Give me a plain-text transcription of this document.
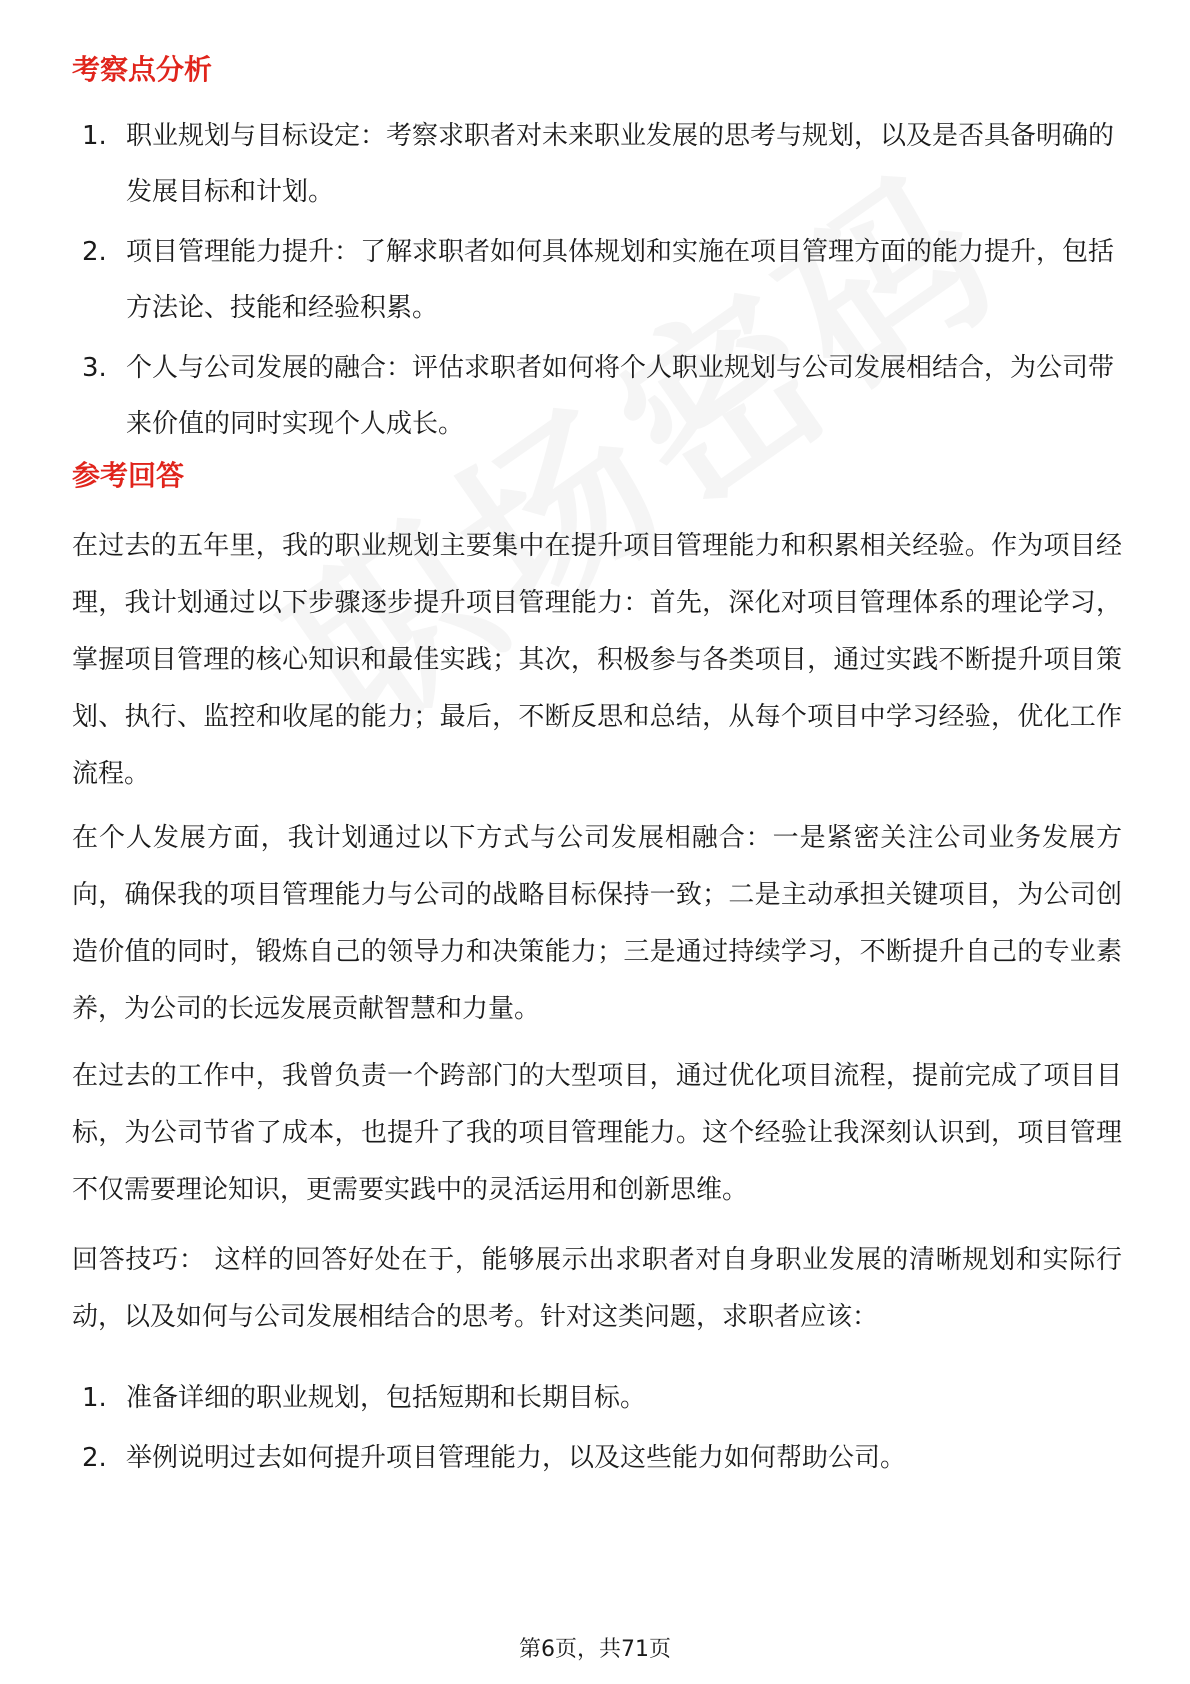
考察点分析
1. 职业规划与目标设定：考察求职者对未来职业发展的思考与规划，以及是否具备明确的发展目标和计划。
2. 项目管理能力提升：了解求职者如何具体规划和实施在项目管理方面的能力提升，包括方法论、技能和经验积累。
3. 个人与公司发展的融合：评估求职者如何将个人职业规划与公司发展相结合，为公司带来价值的同时实现个人成长。
参考回答

在过去的五年里，我的职业规划主要集中在提升项目管理能力和积累相关经验。作为项目经理，我计划通过以下步骤逐步提升项目管理能力：首先，深化对项目管理体系的理论学习，掌握项目管理的核心知识和最佳实践；其次，积极参与各类项目，通过实践不断提升项目策划、执行、监控和收尾的能力；最后，不断反思和总结，从每个项目中学习经验，优化工作流程。

在个人发展方面，我计划通过以下方式与公司发展相融合：一是紧密关注公司业务发展方向，确保我的项目管理能力与公司的战略目标保持一致；二是主动承担关键项目，为公司创造价值的同时，锻炼自己的领导力和决策能力；三是通过持续学习，不断提升自己的专业素养，为公司的长远发展贡献智慧和力量。

在过去的工作中，我曾负责一个跨部门的大型项目，通过优化项目流程，提前完成了项目目标，为公司节省了成本，也提升了我的项目管理能力。这个经验让我深刻认识到，项目管理不仅需要理论知识，更需要实践中的灵活运用和创新思维。

回答技巧： 这样的回答好处在于，能够展示出求职者对自身职业发展的清晰规划和实际行动，以及如何与公司发展相结合的思考。针对这类问题，求职者应该：

1. 准备详细的职业规划，包括短期和长期目标。
2. 举例说明过去如何提升项目管理能力，以及这些能力如何帮助公司。
第6页，共71页
